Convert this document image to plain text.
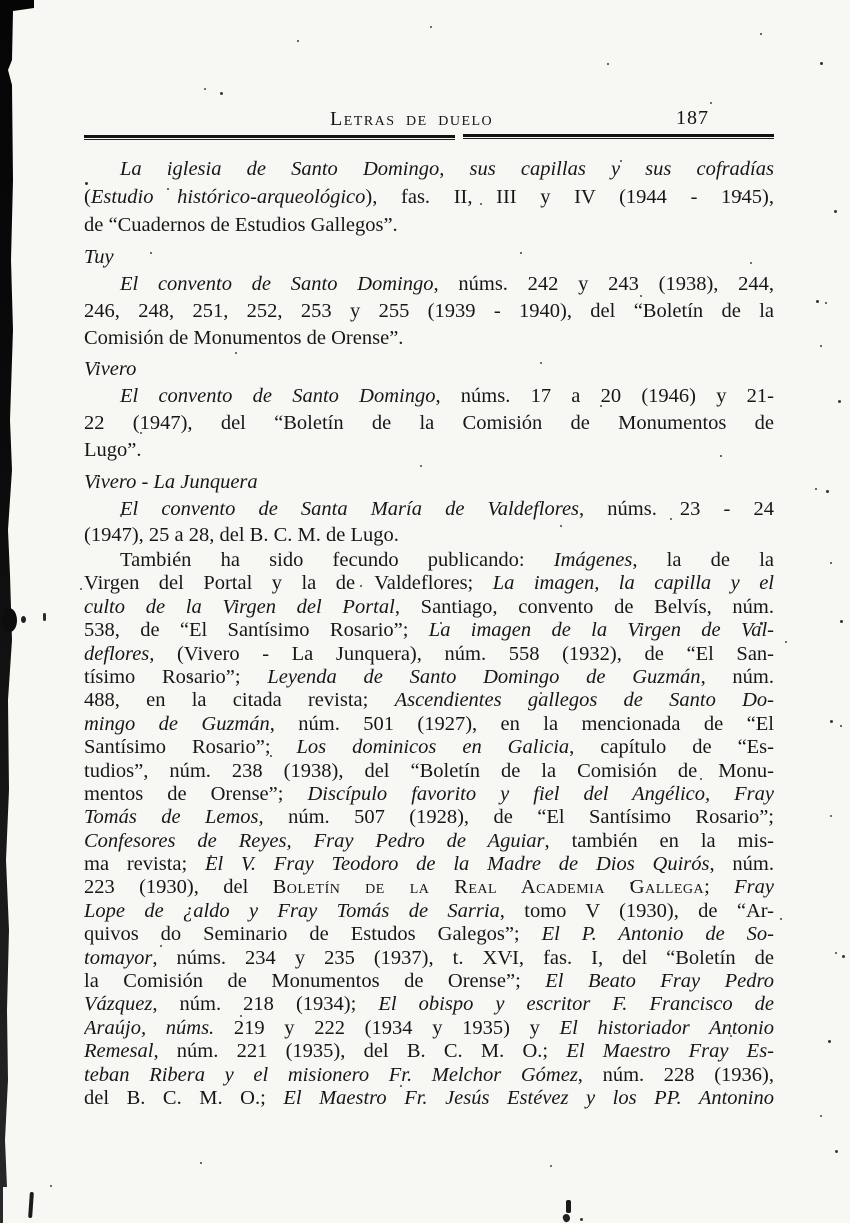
Letras de duelo	187
La iglesia de Santo Domingo, sus capillas y sus cofradías
(Estudio histórico-arqueológico), fas. II, III y IV (1944 - 1945),
de “Cuadernos de Estudios Gallegos”.
Tuy
El convento de Santo Domingo, núms. 242 y 243 (1938), 244,
246, 248, 251, 252, 253 y 255 (1939 - 1940), del “Boletín de la
Comisión de Monumentos de Orense”.
Vivero
El convento de Santo Domingo, núms. 17 a 20 (1946) y 21-
22 (1947), del “Boletín de la Comisión de Monumentos de
Lugo”.
Vivero - La Junquera
El convento de Santa María de Valdeflores, núms. 23 - 24
(1947), 25 a 28, del B. C. M. de Lugo.
También ha sido fecundo publicando: Imágenes, la de la
Virgen del Portal y la de Valdeflores; La imagen, la capilla y el
culto de la Virgen del Portal, Santiago, convento de Belvís, núm.
538, de “El Santísimo Rosario”; La imagen de la Virgen de Val-
deflores, (Vivero - La Junquera), núm. 558 (1932), de “El San-
tísimo Rosario”; Leyenda de Santo Domingo de Guzmán, núm.
488, en la citada revista; Ascendientes gallegos de Santo Do-
mingo de Guzmán, núm. 501 (1927), en la mencionada de “El
Santísimo Rosario”; Los dominicos en Galicia, capítulo de “Es-
tudios”, núm. 238 (1938), del “Boletín de la Comisión de Monu-
mentos de Orense”; Discípulo favorito y fiel del Angélico, Fray
Tomás de Lemos, núm. 507 (1928), de “El Santísimo Rosario”;
Confesores de Reyes, Fray Pedro de Aguiar, también en la mis-
ma revista; El V. Fray Teodoro de la Madre de Dios Quirós, núm.
223 (1930), del Boletín de la Real Academia Gallega; Fray
Lope de ¿aldo y Fray Tomás de Sarria, tomo V (1930), de “Ar-
quivos do Seminario de Estudos Galegos”; El P. Antonio de So-
tomayor, núms. 234 y 235 (1937), t. XVI, fas. I, del “Boletín de
la Comisión de Monumentos de Orense”; El Beato Fray Pedro
Vázquez, núm. 218 (1934); El obispo y escritor F. Francisco de
Araújo, núms. 219 y 222 (1934 y 1935) y El historiador Antonio
Remesal, núm. 221 (1935), del B. C. M. O.; El Maestro Fray Es-
teban Ribera y el misionero Fr. Melchor Gómez, núm. 228 (1936),
del B. C. M. O.; El Maestro Fr. Jesús Estévez y los PP. Antonino
